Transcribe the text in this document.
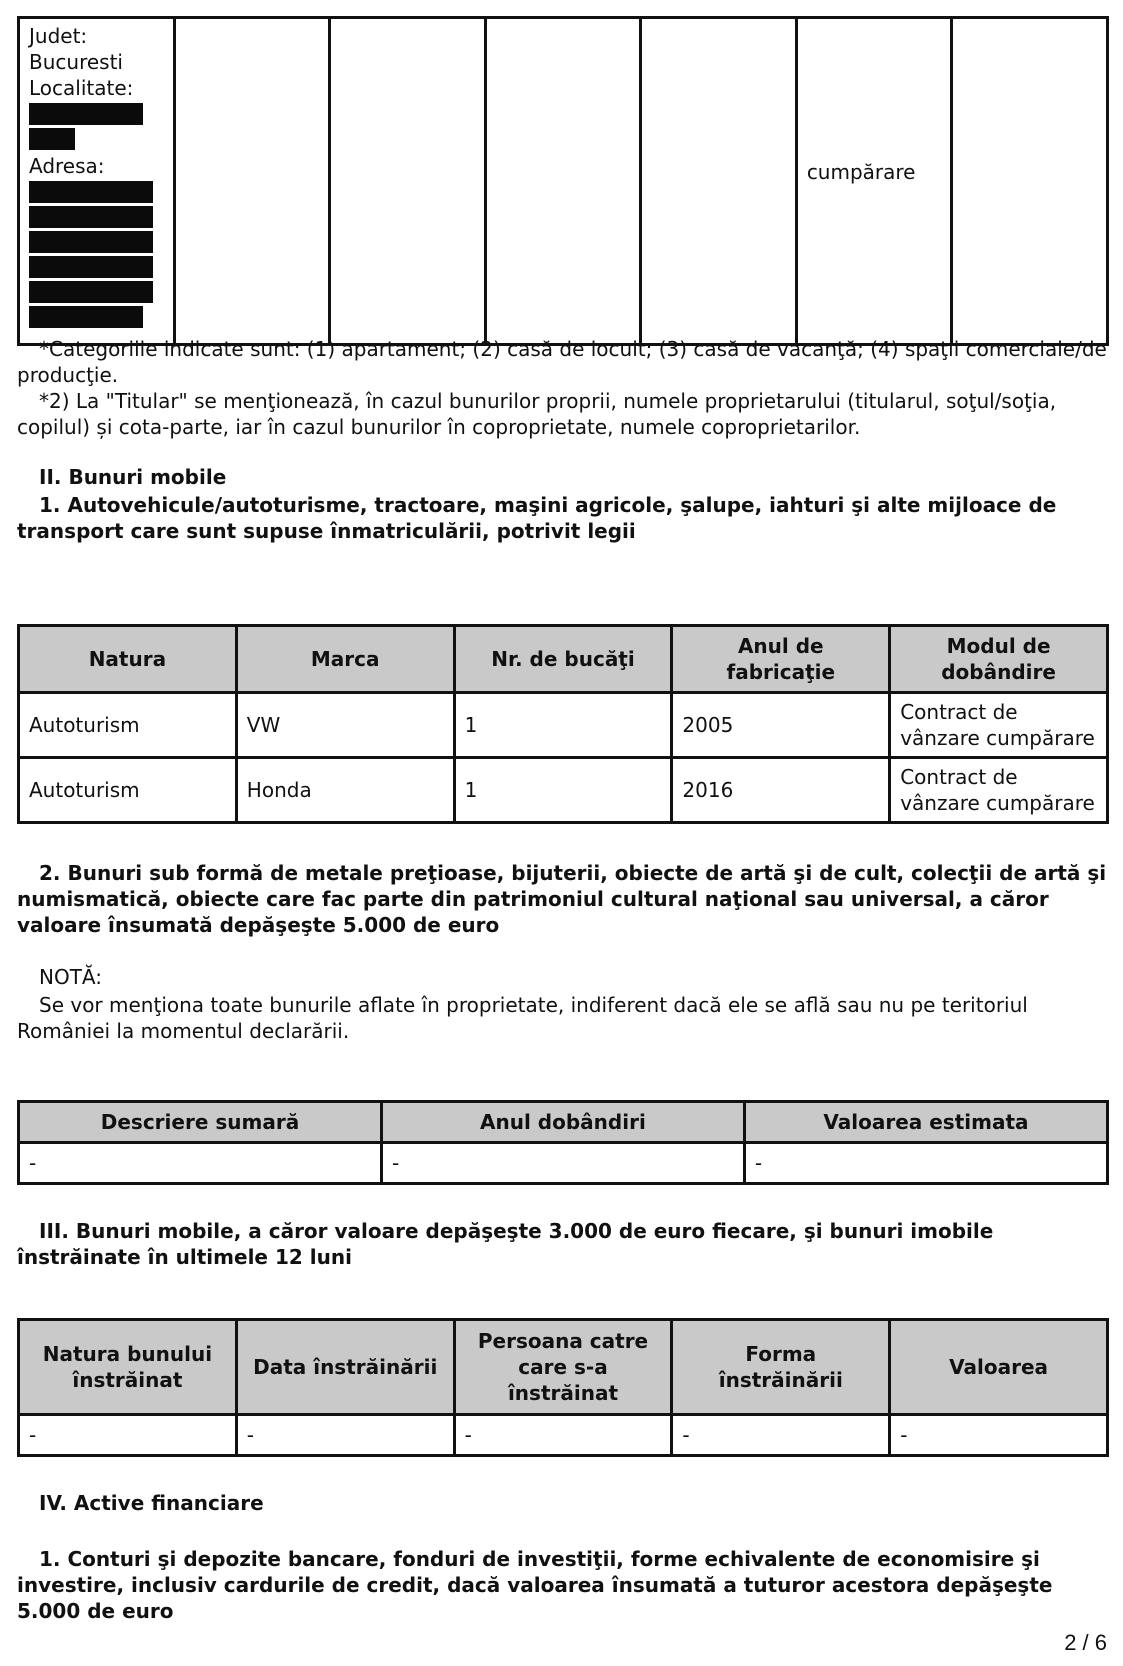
Judet:
Bucuresti
Localitate:
Adresa:					cumpărare	

*Categoriile indicate sunt: (1) apartament; (2) casă de locuit; (3) casă de vacanţă; (4) spaţii comerciale/de producţie.

*2) La "Titular" se menţionează, în cazul bunurilor proprii, numele proprietarului (titularul, soţul/soţia, copilul) și cota-parte, iar în cazul bunurilor în coproprietate, numele coproprietarilor.

II. Bunuri mobile

1. Autovehicule/autoturisme, tractoare, maşini agricole, şalupe, iahturi şi alte mijloace de transport care sunt supuse înmatriculării, potrivit legii

Natura	Marca	Nr. de bucăţi	Anul de fabricaţie	Modul de dobândire
Autoturism	VW	1	2005	Contract de vânzare cumpărare
Autoturism	Honda	1	2016	Contract de vânzare cumpărare

2. Bunuri sub formă de metale preţioase, bijuterii, obiecte de artă şi de cult, colecţii de artă şi numismatică, obiecte care fac parte din patrimoniul cultural naţional sau universal, a căror valoare însumată depăşeşte 5.000 de euro

NOTĂ:

Se vor menţiona toate bunurile aflate în proprietate, indiferent dacă ele se află sau nu pe teritoriul României la momentul declarării.

Descriere sumară	Anul dobândiri	Valoarea estimata
-	-	-

III. Bunuri mobile, a căror valoare depăşeşte 3.000 de euro fiecare, şi bunuri imobile înstrăinate în ultimele 12 luni

Natura bunului înstrăinat	Data înstrăinării	Persoana catre care s-a înstrăinat	Forma înstrăinării	Valoarea
-	-	-	-	-

IV. Active financiare

1. Conturi şi depozite bancare, fonduri de investiţii, forme echivalente de economisire şi investire, inclusiv cardurile de credit, dacă valoarea însumată a tuturor acestora depăşeşte 5.000 de euro

2 / 6
